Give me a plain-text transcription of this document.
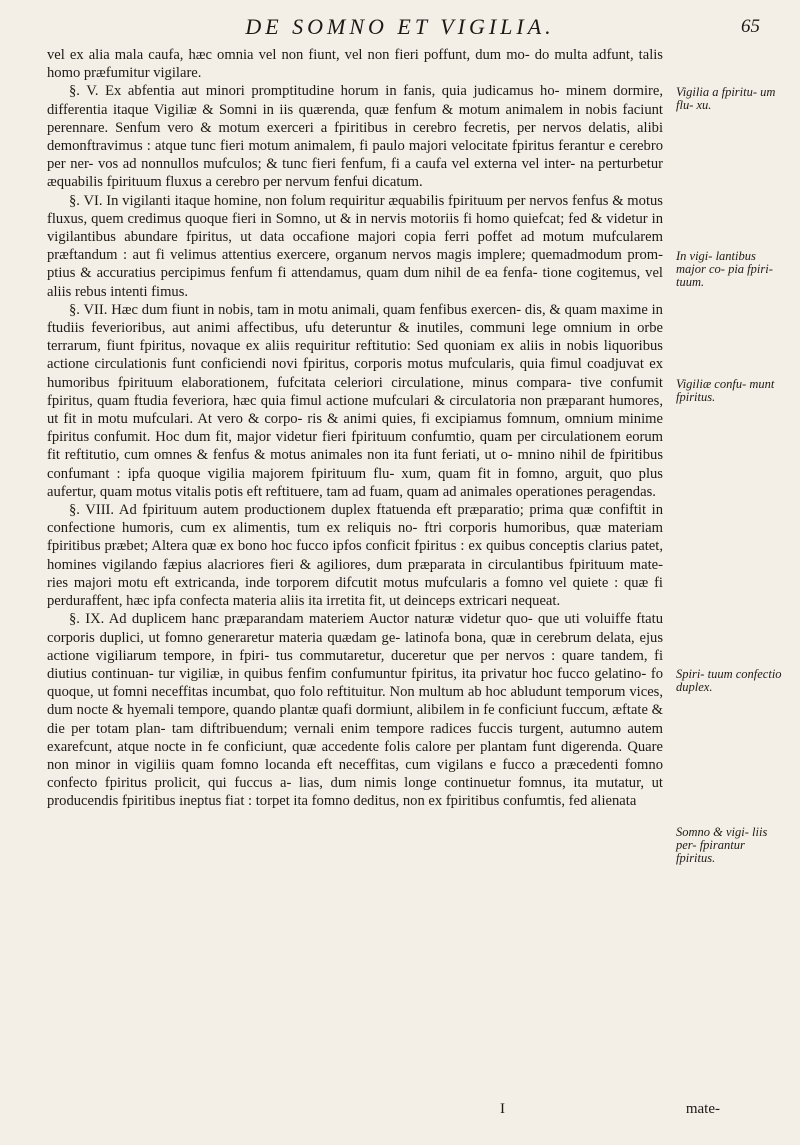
DE SOMNO ET VIGILIA.	65

vel ex alia mala caufa, hæc omnia vel non fiunt, vel non fieri poffunt, dum mo- do multa adfunt, talis homo præfumitur vigilare.

§. V. Ex abfentia aut minori promptitudine horum in fanis, quia judicamus ho- minem dormire, differentia itaque Vigiliæ & Somni in iis quærenda, quæ fenfum & motum animalem in nobis faciunt perennare. Senfum vero & motum exerceri a fpiritibus in cerebro fecretis, per nervos delatis, alibi demonftravimus : atque tunc fieri motum animalem, fi paulo majori velocitate fpiritus ferantur e cerebro per ner- vos ad nonnullos mufculos; & tunc fieri fenfum, fi a caufa vel externa vel inter- na perturbetur æquabilis fpirituum fluxus a cerebro per nervum fenfui dicatum.

§. VI. In vigilanti itaque homine, non folum requiritur æquabilis fpirituum per nervos fenfus & motus fluxus, quem credimus quoque fieri in Somno, ut & in nervis motoriis fi homo quiefcat; fed & videtur in vigilantibus abundare fpiritus, ut data occafione majori copia ferri poffet ad motum mufcularem præftandum : aut fi velimus attentius exercere, organum nervos magis implere; quemadmodum prom- ptius & accuratius percipimus fenfum fi attendamus, quam dum nihil de ea fenfa- tione cogitemus, vel aliis rebus intenti fimus.

§. VII. Hæc dum fiunt in nobis, tam in motu animali, quam fenfibus exercen- dis, & quam maxime in ftudiis feverioribus, aut animi affectibus, ufu deteruntur & inutiles, communi lege omnium in orbe terrarum, fiunt fpiritus, novaque ex aliis requiritur reftitutio: Sed quoniam ex aliis in nobis liquoribus actione circulationis funt conficiendi novi fpiritus, corporis motus mufcularis, quia fimul coadjuvat ex humoribus fpirituum elaborationem, fufcitata celeriori circulatione, minus compara- tive confumit fpiritus, quam ftudia feveriora, hæc quia fimul actione mufculari & circulatoria non præparant humores, ut fit in motu mufculari. At vero & corpo- ris & animi quies, fi excipiamus fomnum, omnium minime fpiritus confumit. Hoc dum fit, major videtur fieri fpirituum confumtio, quam per circulationem eorum fit reftitutio, cum omnes & fenfus & motus animales non ita funt feriati, ut o- mnino nihil de fpiritibus confumant : ipfa quoque vigilia majorem fpirituum flu- xum, quam fit in fomno, arguit, quo plus aufertur, quam motus vitalis potis eft reftituere, tam ad fuam, quam ad animales operationes peragendas.

§. VIII. Ad fpirituum autem productionem duplex ftatuenda eft præparatio; prima quæ confiftit in confectione humoris, cum ex alimentis, tum ex reliquis no- ftri corporis humoribus, quæ materiam fpiritibus præbet; Altera quæ ex bono hoc fucco ipfos conficit fpiritus : ex quibus conceptis clarius patet, homines vigilando fæpius alacriores fieri & agiliores, dum præparata in circulantibus fpirituum mate- ries majori motu eft extricanda, inde torporem difcutit motus mufcularis a fomno vel quiete : quæ fi perduraffent, hæc ipfa confecta materia aliis ita irretita fit, ut deinceps extricari nequeat.

§. IX. Ad duplicem hanc præparandam materiem Auctor naturæ videtur quo- que uti voluiffe ftatu corporis duplici, ut fomno generaretur materia quædam ge- latinofa bona, quæ in cerebrum delata, ejus actione vigiliarum tempore, in fpiri- tus commutaretur, duceretur que per nervos : quare tandem, fi diutius continuan- tur vigiliæ, in quibus fenfim confumuntur fpiritus, ita privatur hoc fucco gelatino- fo quoque, ut fomni neceffitas incumbat, quo folo reftituitur. Non multum ab hoc abludunt temporum vices, dum nocte & hyemali tempore, quando plantæ quafi dormiunt, alibilem in fe conficiunt fuccum, æftate & die per totam plan- tam diftribuendum; vernali enim tempore radices fuccis turgent, autumno autem exarefcunt, atque nocte in fe conficiunt, quæ accedente folis calore per plantam funt digerenda. Quare non minor in vigiliis quam fomno locanda eft neceffitas, cum vigilans e fucco a præcedenti fomno confecto fpiritus prolicit, qui fuccus a- lias, dum nimis longe continuetur fomnus, ita mutatur, ut producendis fpiritibus ineptus fiat : torpet ita fomno deditus, non ex fpiritibus confumtis, fed alienata

Vigilia a fpiritu- um flu- xu.
In vigi- lantibus major co- pia fpiri- tuum.
Vigiliæ confu- munt fpiritus.
Spiri- tuum confectio duplex.
Somno & vigi- liis per- fpirantur fpiritus.
I	mate-
